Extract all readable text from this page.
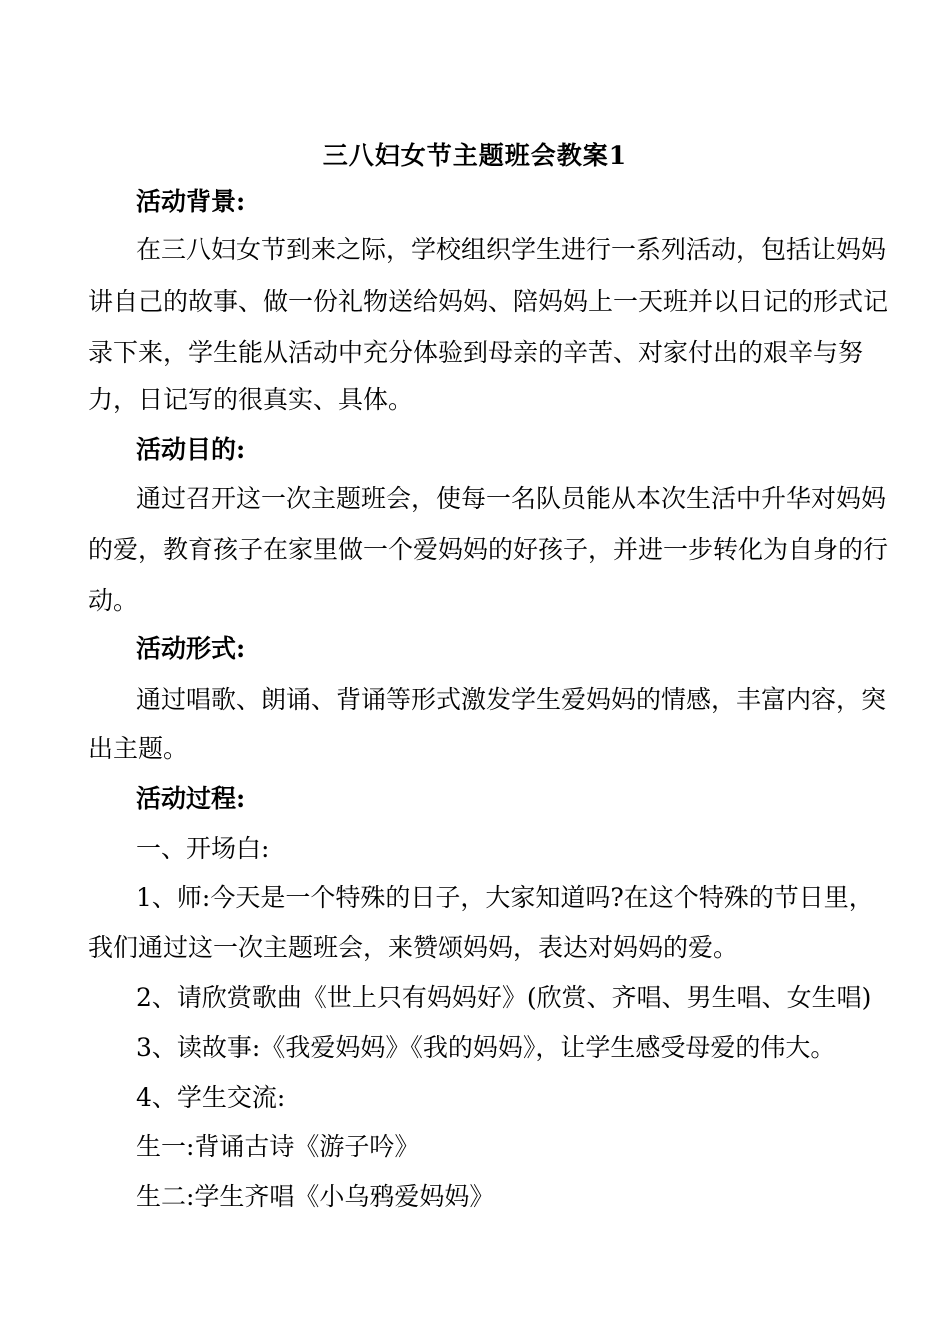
三八妇女节主题班会教案1

活动背景:

在三八妇女节到来之际，学校组织学生进行一系列活动，包括让妈妈

讲自己的故事、做一份礼物送给妈妈、陪妈妈上一天班并以日记的形式记

录下来，学生能从活动中充分体验到母亲的辛苦、对家付出的艰辛与努

力，日记写的很真实、具体。

活动目的:

通过召开这一次主题班会，使每一名队员能从本次生活中升华对妈妈

的爱，教育孩子在家里做一个爱妈妈的好孩子，并进一步转化为自身的行

动。

活动形式:

通过唱歌、朗诵、背诵等形式激发学生爱妈妈的情感，丰富内容，突

出主题。

活动过程:

一、开场白:

1、师:今天是一个特殊的日子，大家知道吗?在这个特殊的节日里，

我们通过这一次主题班会，来赞颂妈妈，表达对妈妈的爱。

2、请欣赏歌曲《世上只有妈妈好》(欣赏、齐唱、男生唱、女生唱)

3、读故事:《我爱妈妈》《我的妈妈》，让学生感受母爱的伟大。

4、学生交流:

生一:背诵古诗《游子吟》

生二:学生齐唱《小乌鸦爱妈妈》
